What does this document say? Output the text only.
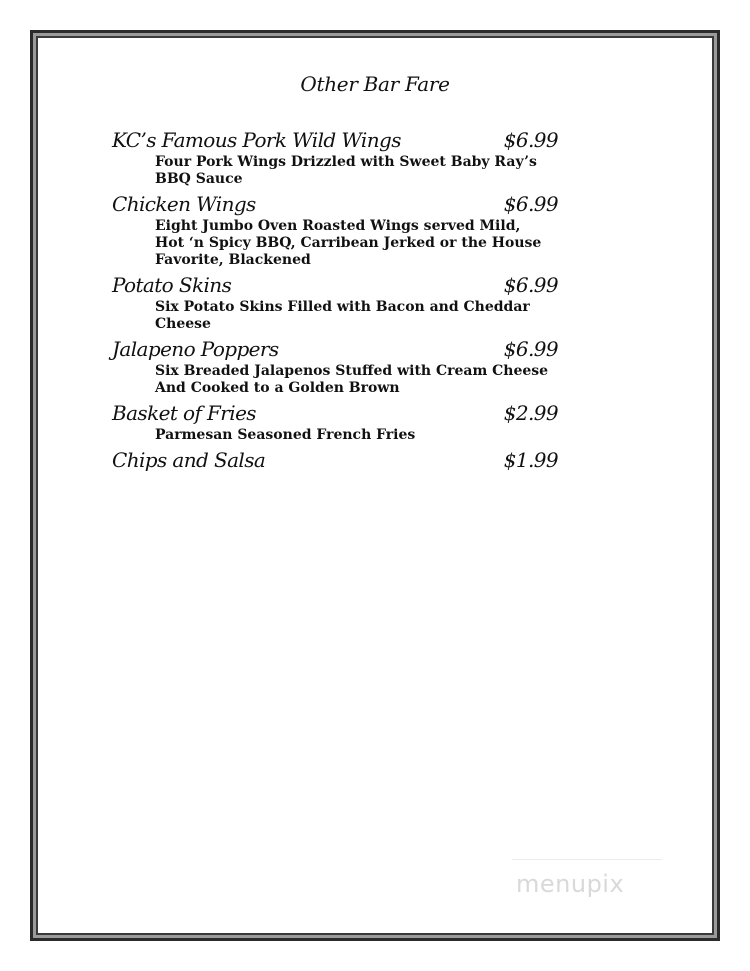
Other Bar Fare
KC’s Famous Pork Wild Wings	$6.99
Four Pork Wings Drizzled with Sweet Baby Ray’s
BBQ Sauce
Chicken Wings	$6.99
Eight Jumbo Oven Roasted Wings served Mild,
Hot ‘n Spicy BBQ, Carribean Jerked or the House
Favorite, Blackened
Potato Skins	$6.99
Six Potato Skins Filled with Bacon and Cheddar
Cheese
Jalapeno Poppers	$6.99
Six Breaded Jalapenos Stuffed with Cream Cheese
And Cooked to a Golden Brown
Basket of Fries	$2.99
Parmesan Seasoned French Fries
Chips and Salsa	$1.99
menupix
